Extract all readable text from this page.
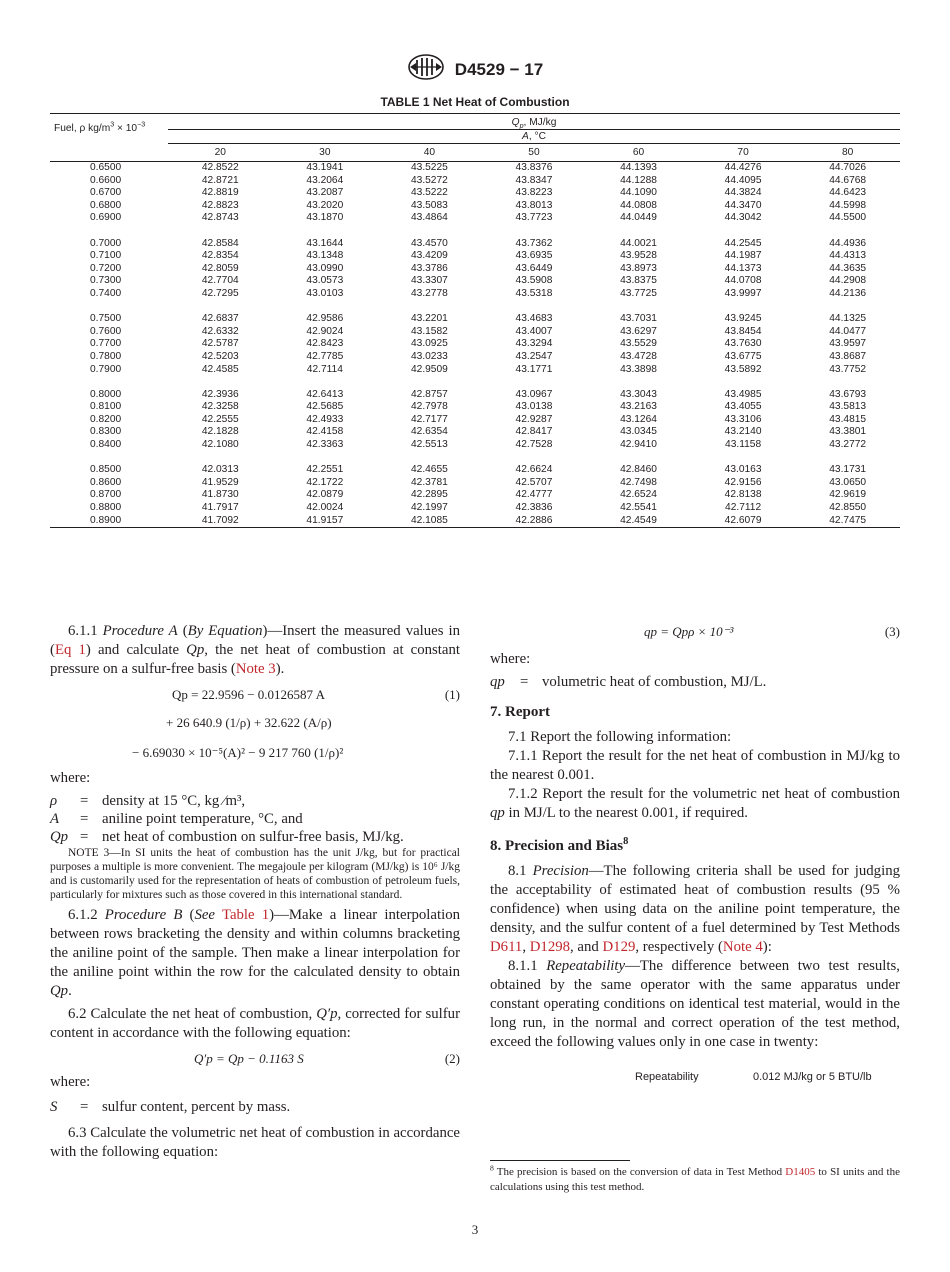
D4529 − 17
TABLE 1 Net Heat of Combustion
Fuel, ρ $kg/m^3 \times 10^{-3}$	$Q_p$, MJ/kg						
	A, °C						
	20	30	40	50	60	70	80
0.6500	42.8522	43.1941	43.5225	43.8376	44.1393	44.4276	44.7026
0.6600	42.8721	43.2064	43.5272	43.8347	44.1288	44.4095	44.6768
0.6700	42.8819	43.2087	43.5222	43.8223	44.1090	44.3824	44.6423
0.6800	42.8823	43.2020	43.5083	43.8013	44.0808	44.3470	44.5998
0.6900	42.8743	43.1870	43.4864	43.7723	44.0449	44.3042	44.5500

0.7000	42.8584	43.1644	43.4570	43.7362	44.0021	44.2545	44.4936
0.7100	42.8354	43.1348	43.4209	43.6935	43.9528	44.1987	44.4313
0.7200	42.8059	43.0990	43.3786	43.6449	43.8973	44.1373	44.3635
0.7300	42.7704	43.0573	43.3307	43.5908	43.8375	44.0708	44.2908
0.7400	42.7295	43.0103	43.2778	43.5318	43.7725	43.9997	44.2136

0.7500	42.6837	42.9586	43.2201	43.4683	43.7031	43.9245	44.1325
0.7600	42.6332	42.9024	43.1582	43.4007	43.6297	43.8454	44.0477
0.7700	42.5787	42.8423	43.0925	43.3294	43.5529	43.7630	43.9597
0.7800	42.5203	42.7785	43.0233	43.2547	43.4728	43.6775	43.8687
0.7900	42.4585	42.7114	42.9509	43.1771	43.3898	43.5892	43.7752

0.8000	42.3936	42.6413	42.8757	43.0967	43.3043	43.4985	43.6793
0.8100	42.3258	42.5685	42.7978	43.0138	43.2163	43.4055	43.5813
0.8200	42.2555	42.4933	42.7177	42.9287	43.1264	43.3106	43.4815
0.8300	42.1828	42.4158	42.6354	42.8417	43.0345	43.2140	43.3801
0.8400	42.1080	42.3363	42.5513	42.7528	42.9410	43.1158	43.2772

0.8500	42.0313	42.2551	42.4655	42.6624	42.8460	43.0163	43.1731
0.8600	41.9529	42.1722	42.3781	42.5707	42.7498	42.9156	43.0650
0.8700	41.8730	42.0879	42.2895	42.4777	42.6524	42.8138	42.9619
0.8800	41.7917	42.0024	42.1997	42.3836	42.5541	42.7112	42.8550
0.8900	41.7092	41.9157	42.1085	42.2886	42.4549	42.6079	42.7475

6.1.1 Procedure A (By Equation)—Insert the measured values in (Eq 1) and calculate Qp, the net heat of combustion at constant pressure on a sulfur-free basis (Note 3).

Qp = 22.9596 − 0.0126587 A	(1)
+ 26 640.9 (1/ρ) + 32.622 (A/ρ)
− 6.69030 × 10⁻⁵(A)² − 9 217 760 (1/ρ)²

where:

ρ	= density at 15 °C, kg ⁄m³,
A	= aniline point temperature, °C, and
Qp = net heat of combustion on sulfur-free basis, MJ/kg.

NOTE 3—In SI units the heat of combustion has the unit J/kg, but for practical purposes a multiple is more convenient. The megajoule per kilogram (MJ/kg) is 10⁶ J/kg and is customarily used for the representation of heats of combustion of petroleum fuels, particularly for mixtures such as those covered in this international standard.

6.1.2 Procedure B (See Table 1)—Make a linear interpolation between rows bracketing the density and within columns bracketing the aniline point of the sample. Then make a linear interpolation for the aniline point within the row for the calculated density to obtain Qp.

6.2 Calculate the net heat of combustion, Q′p, corrected for sulfur content in accordance with the following equation:

Q′p = Qp − 0.1163 S	(2)

where:

S	= sulfur content, percent by mass.

6.3 Calculate the volumetric net heat of combustion in accordance with the following equation:

qp = Qpρ × 10⁻³	(3)

where:

qp	= volumetric heat of combustion, MJ/L.
7. Report

7.1 Report the following information:

7.1.1 Report the result for the net heat of combustion in MJ/kg to the nearest 0.001.

7.1.2 Report the result for the volumetric net heat of combustion qp in MJ/L to the nearest 0.001, if required.

8. Precision and Bias$^8$

8.1 Precision—The following criteria shall be used for judging the acceptability of estimated heat of combustion results (95 % confidence) when using data on the aniline point temperature, the density, and the sulfur content of a fuel determined by Test Methods D611, D1298, and D129, respectively (Note 4):

8.1.1 Repeatability—The difference between two test results, obtained by the same operator with the same apparatus under constant operating conditions on identical test material, would in the long run, in the normal and correct operation of the test method, exceed the following values only in one case in twenty:

Repeatability	0.012 MJ/kg or 5 BTU/lb
$^8$ The precision is based on the conversion of data in Test Method D1405 to SI units and the calculations using this test method.
3
